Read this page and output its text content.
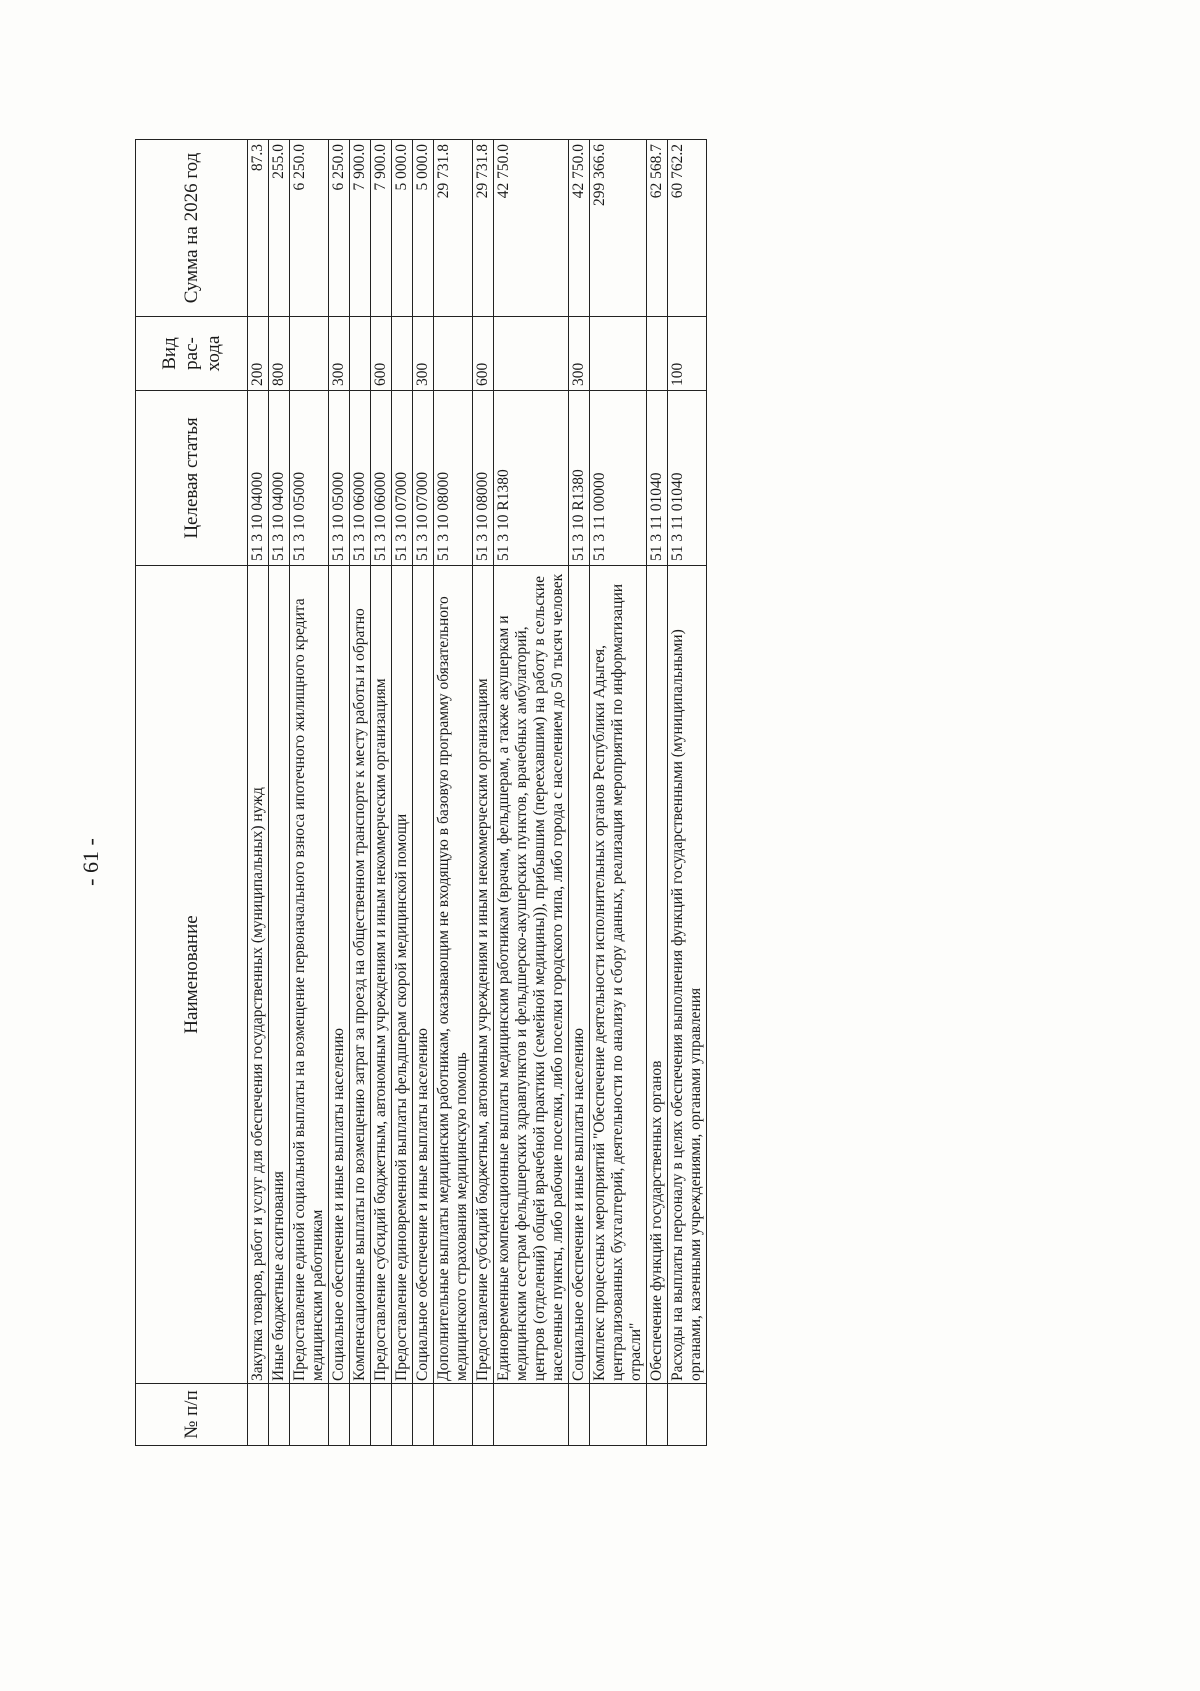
- 61 -
№ п/п	Наименование	Целевая статья	Вид рас-хода	Сумма на 2026 год
	Закупка товаров, работ и услуг для обеспечения государственных (муниципальных) нужд	51 3 10 04000	200	87.3
	Иные бюджетные ассигнования	51 3 10 04000	800	255.0
	Предоставление единой социальной выплаты на возмещение первоначального взноса ипотечного жилищного кредита медицинским работникам	51 3 10 05000		6 250.0
	Социальное обеспечение и иные выплаты населению	51 3 10 05000	300	6 250.0
	Компенсационные выплаты по возмещению затрат за проезд на общественном транспорте к месту работы и обратно	51 3 10 06000		7 900.0
	Предоставление субсидий бюджетным, автономным учреждениям и иным некоммерческим организациям	51 3 10 06000	600	7 900.0
	Предоставление единовременной выплаты фельдшерам скорой медицинской помощи	51 3 10 07000		5 000.0
	Социальное обеспечение и иные выплаты населению	51 3 10 07000	300	5 000.0
	Дополнительные выплаты медицинским работникам, оказывающим не входящую в базовую программу обязательного медицинского страхования медицинскую помощь	51 3 10 08000		29 731.8
	Предоставление субсидий бюджетным, автономным учреждениям и иным некоммерческим организациям	51 3 10 08000	600	29 731.8
	Единовременные компенсационные выплаты медицинским работникам (врачам, фельдшерам, а также акушеркам и медицинским сестрам фельдшерских здравпунктов и фельдшерско-акушерских пунктов, врачебных амбулаторий, центров (отделений) общей врачебной практики (семейной медицины)), прибывшим (переехавшим) на работу в сельские населенные пункты, либо рабочие поселки, либо поселки городского типа, либо города с населением до 50 тысяч человек	51 3 10 R1380		42 750.0
	Социальное обеспечение и иные выплаты населению	51 3 10 R1380	300	42 750.0
	Комплекс процессных мероприятий "Обеспечение деятельности исполнительных органов Республики Адыгея, централизованных бухгалтерий, деятельности по анализу и сбору данных, реализация мероприятий по информатизации отрасли"	51 3 11 00000		299 366.6
	Обеспечение функций государственных органов	51 3 11 01040		62 568.7
	Расходы на выплаты персоналу в целях обеспечения выполнения функций государственными (муниципальными) органами, казенными учреждениями, органами управления	51 3 11 01040	100	60 762.2
